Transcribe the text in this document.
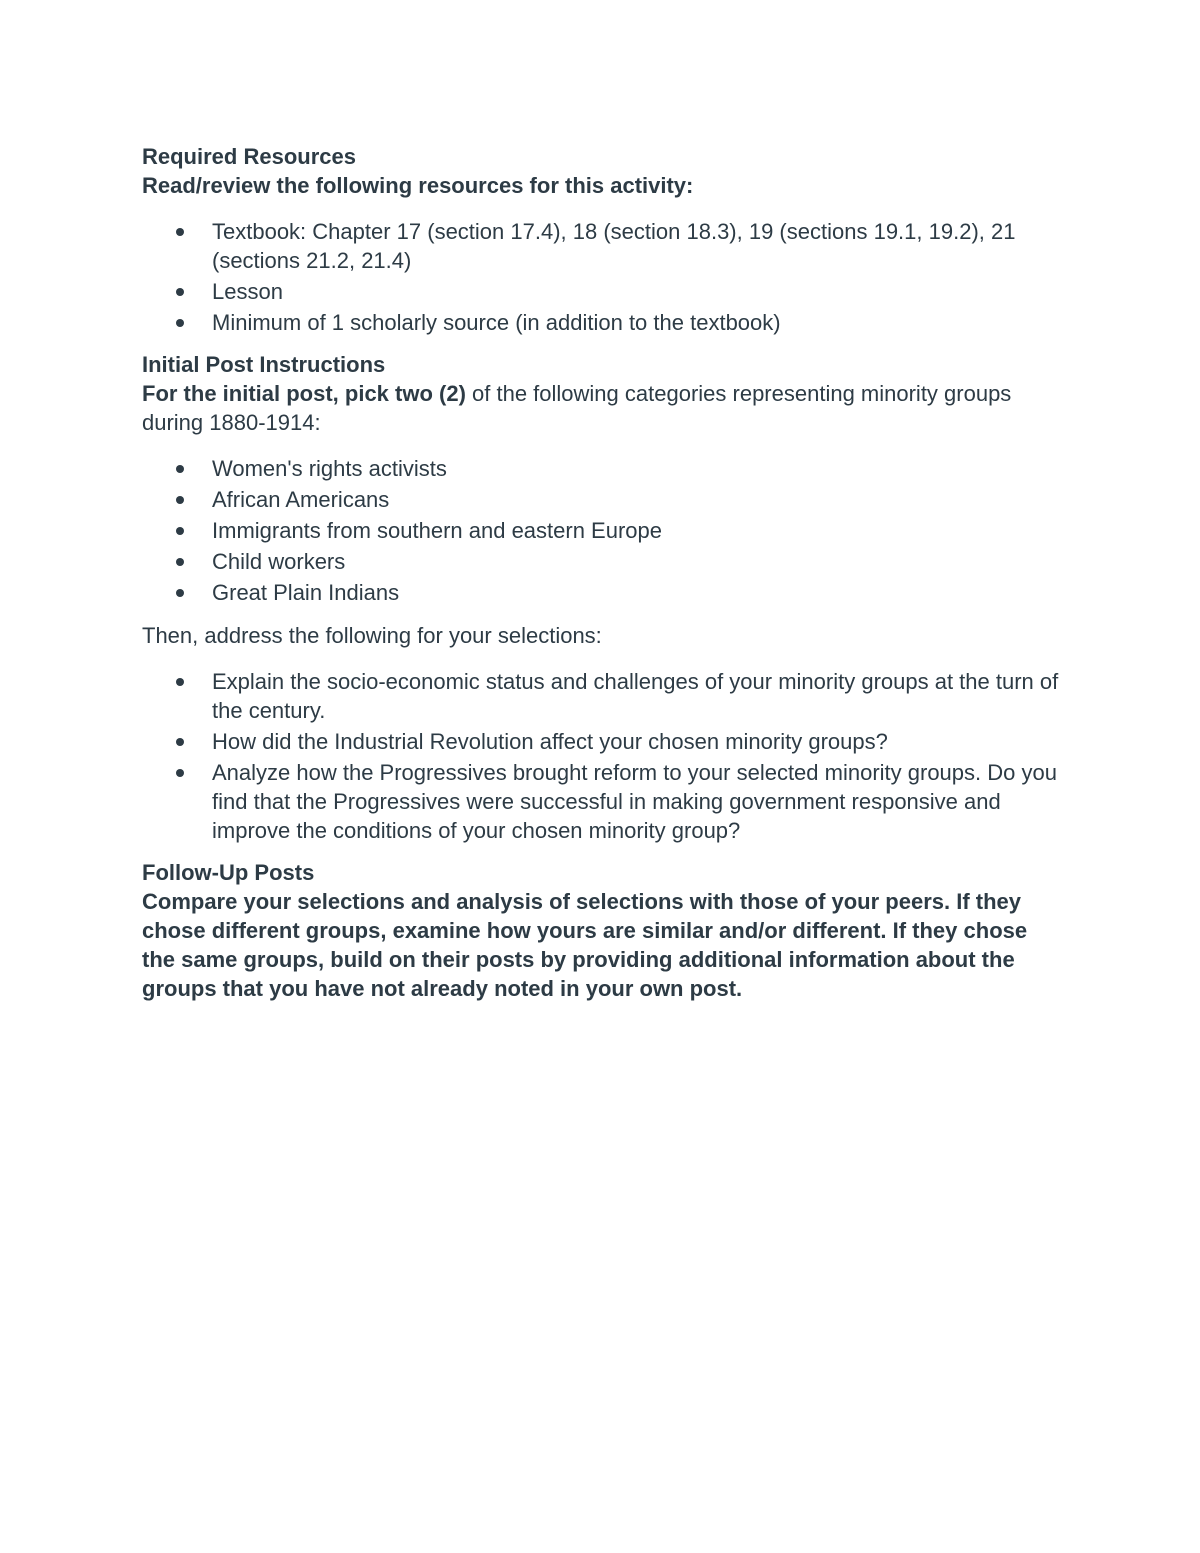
Required Resources

Read/review the following resources for this activity:

Textbook: Chapter 17 (section 17.4), 18 (section 18.3), 19 (sections 19.1, 19.2), 21 (sections 21.2, 21.4)
Lesson
Minimum of 1 scholarly source (in addition to the textbook)

Initial Post Instructions

For the initial post, pick two (2) of the following categories representing minority groups during 1880-1914:

Women's rights activists
African Americans
Immigrants from southern and eastern Europe
Child workers
Great Plain Indians

Then, address the following for your selections:

Explain the socio-economic status and challenges of your minority groups at the turn of the century.
How did the Industrial Revolution affect your chosen minority groups?
Analyze how the Progressives brought reform to your selected minority groups. Do you find that the Progressives were successful in making government responsive and improve the conditions of your chosen minority group?

Follow-Up Posts

Compare your selections and analysis of selections with those of your peers. If they chose different groups, examine how yours are similar and/or different. If they chose the same groups, build on their posts by providing additional information about the groups that you have not already noted in your own post.
